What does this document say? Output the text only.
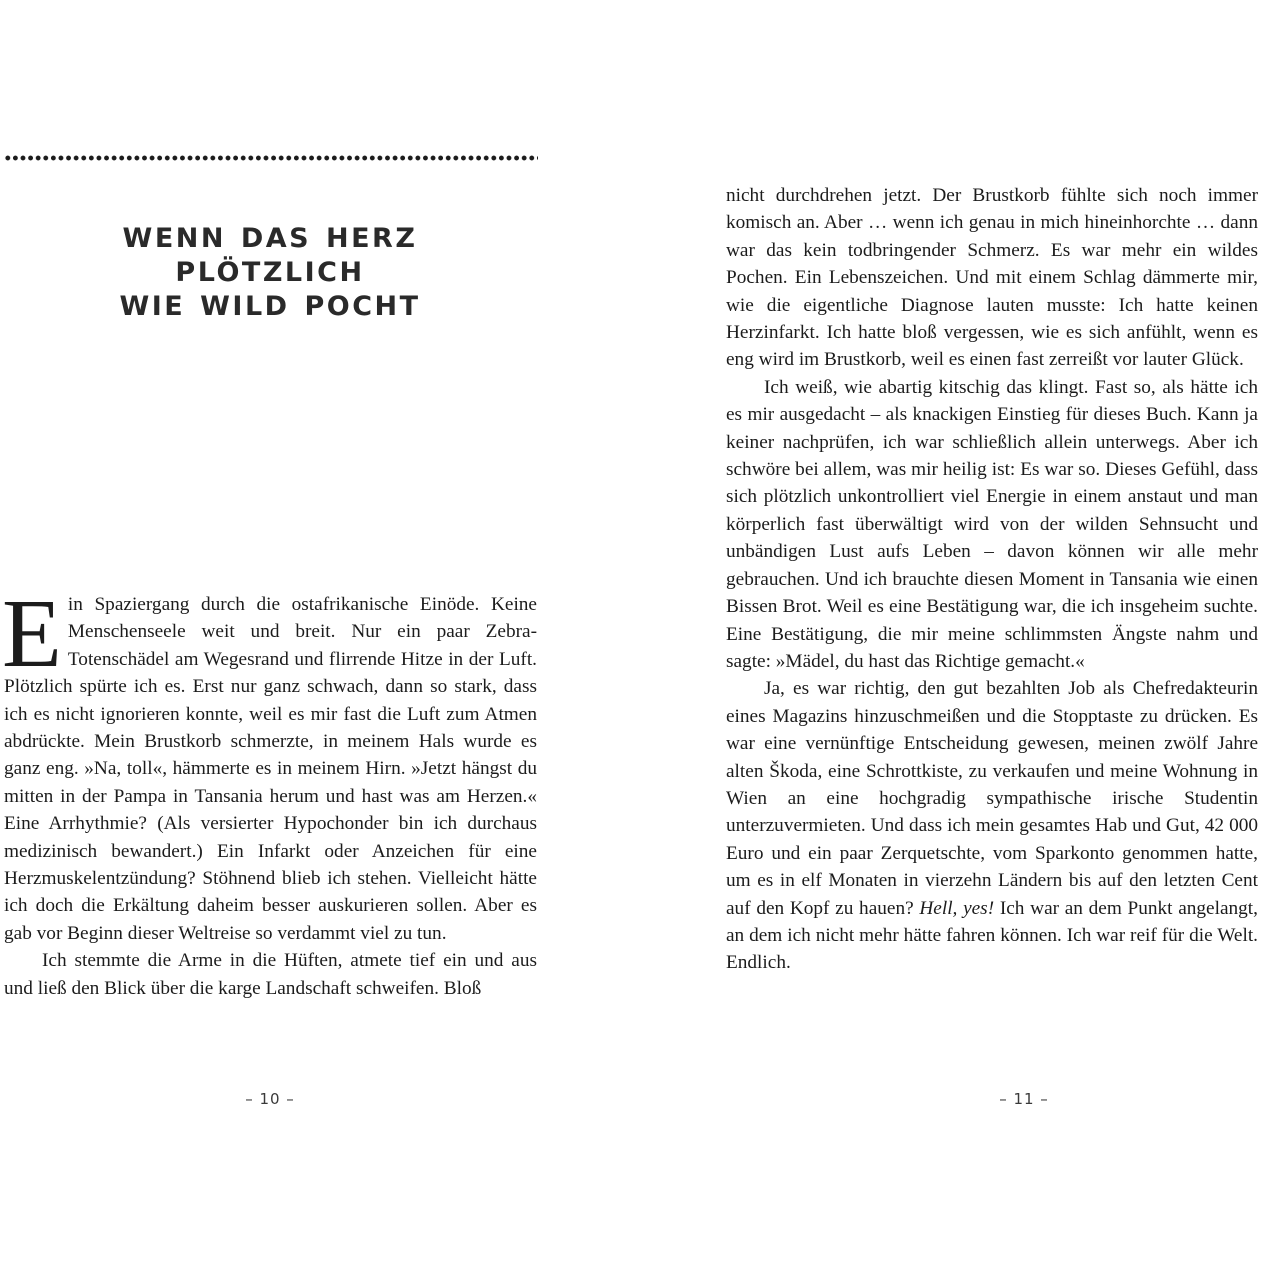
WENN DAS HERZ
PLÖTZLICH
WIE WILD POCHT

Ein Spaziergang durch die ostafrikanische Einöde. Keine Menschenseele weit und breit. Nur ein paar Zebra-Totenschädel am Wegesrand und flirrende Hitze in der Luft. Plötzlich spürte ich es. Erst nur ganz schwach, dann so stark, dass ich es nicht ignorieren konnte, weil es mir fast die Luft zum Atmen abdrückte. Mein Brustkorb schmerzte, in meinem Hals wurde es ganz eng. »Na, toll«, hämmerte es in meinem Hirn. »Jetzt hängst du mitten in der Pampa in Tansania herum und hast was am Herzen.« Eine Arrhythmie? (Als versierter Hypochonder bin ich durchaus medizinisch bewandert.) Ein Infarkt oder Anzeichen für eine Herzmuskelentzündung? Stöhnend blieb ich stehen. Vielleicht hätte ich doch die Erkältung daheim besser auskurieren sollen. Aber es gab vor Beginn dieser Weltreise so verdammt viel zu tun.

Ich stemmte die Arme in die Hüften, atmete tief ein und aus und ließ den Blick über die karge Landschaft schweifen. Bloß

– 10 –

nicht durchdrehen jetzt. Der Brustkorb fühlte sich noch immer komisch an. Aber … wenn ich genau in mich hineinhorchte … dann war das kein todbringender Schmerz. Es war mehr ein wildes Pochen. Ein Lebenszeichen. Und mit einem Schlag dämmerte mir, wie die eigentliche Diagnose lauten musste: Ich hatte keinen Herzinfarkt. Ich hatte bloß vergessen, wie es sich anfühlt, wenn es eng wird im Brustkorb, weil es einen fast zerreißt vor lauter Glück.

Ich weiß, wie abartig kitschig das klingt. Fast so, als hätte ich es mir ausgedacht – als knackigen Einstieg für dieses Buch. Kann ja keiner nachprüfen, ich war schließlich allein unterwegs. Aber ich schwöre bei allem, was mir heilig ist: Es war so. Dieses Gefühl, dass sich plötzlich unkontrolliert viel Energie in einem anstaut und man körperlich fast überwältigt wird von der wilden Sehnsucht und unbändigen Lust aufs Leben – davon können wir alle mehr gebrauchen. Und ich brauchte diesen Moment in Tansania wie einen Bissen Brot. Weil es eine Bestätigung war, die ich insgeheim suchte. Eine Bestätigung, die mir meine schlimmsten Ängste nahm und sagte: »Mädel, du hast das Richtige gemacht.«

Ja, es war richtig, den gut bezahlten Job als Chefredakteurin eines Magazins hinzuschmeißen und die Stopptaste zu drücken. Es war eine vernünftige Entscheidung gewesen, meinen zwölf Jahre alten Škoda, eine Schrottkiste, zu verkaufen und meine Wohnung in Wien an eine hochgradig sympathische irische Studentin unterzuvermieten. Und dass ich mein gesamtes Hab und Gut, 42 000 Euro und ein paar Zerquetschte, vom Sparkonto genommen hatte, um es in elf Monaten in vierzehn Ländern bis auf den letzten Cent auf den Kopf zu hauen? Hell, yes! Ich war an dem Punkt angelangt, an dem ich nicht mehr hätte fahren können. Ich war reif für die Welt. Endlich.

– 11 –
